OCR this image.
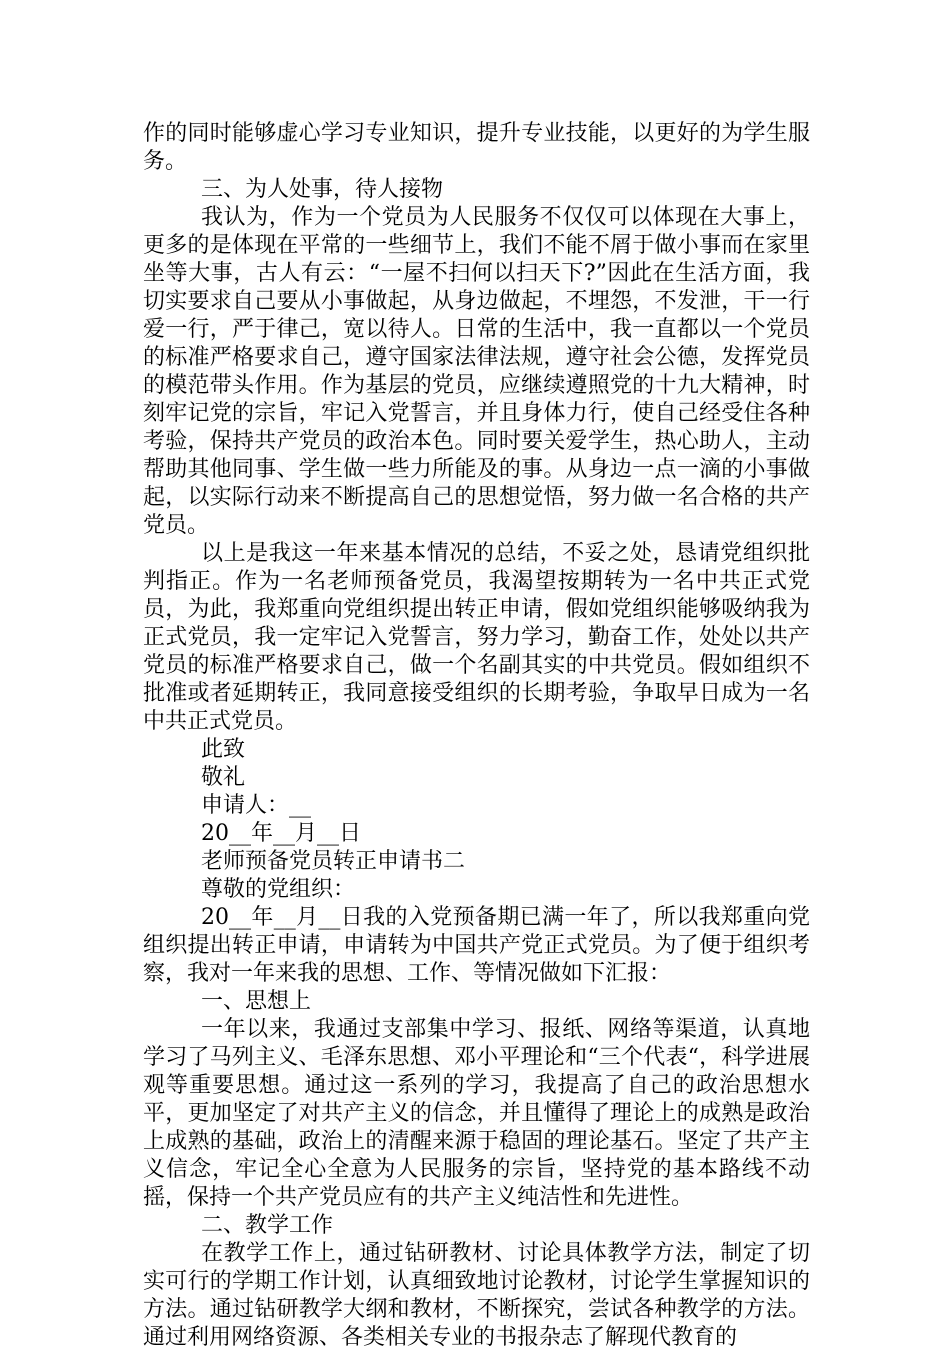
作的同时能够虚心学习专业知识，提升专业技能，以更好的为学生服务。

三、为人处事，待人接物

我认为，作为一个党员为人民服务不仅仅可以体现在大事上，更多的是体现在平常的一些细节上，我们不能不屑于做小事而在家里坐等大事，古人有云：“一屋不扫何以扫天下?”因此在生活方面，我切实要求自己要从小事做起，从身边做起，不埋怨，不发泄，干一行爱一行，严于律己，宽以待人。日常的生活中，我一直都以一个党员的标准严格要求自己，遵守国家法律法规，遵守社会公德，发挥党员的模范带头作用。作为基层的党员，应继续遵照党的十九大精神，时刻牢记党的宗旨，牢记入党誓言，并且身体力行，使自己经受住各种考验，保持共产党员的政治本色。同时要关爱学生，热心助人，主动帮助其他同事、学生做一些力所能及的事。从身边一点一滴的小事做起，以实际行动来不断提高自己的思想觉悟，努力做一名合格的共产党员。

以上是我这一年来基本情况的总结，不妥之处，恳请党组织批判指正。作为一名老师预备党员，我渴望按期转为一名中共正式党员，为此，我郑重向党组织提出转正申请，假如党组织能够吸纳我为正式党员，我一定牢记入党誓言，努力学习，勤奋工作，处处以共产党员的标准严格要求自己，做一个名副其实的中共党员。假如组织不批准或者延期转正，我同意接受组织的长期考验，争取早日成为一名中共正式党员。

此致

敬礼

申请人：__

20__年__月__日

老师预备党员转正申请书二

尊敬的党组织：

20__年__月__日我的入党预备期已满一年了，所以我郑重向党组织提出转正申请，申请转为中国共产党正式党员。为了便于组织考察，我对一年来我的思想、工作、等情况做如下汇报：

一、思想上

一年以来，我通过支部集中学习、报纸、网络等渠道，认真地学习了马列主义、毛泽东思想、邓小平理论和“三个代表“，科学进展观等重要思想。通过这一系列的学习，我提高了自己的政治思想水平，更加坚定了对共产主义的信念，并且懂得了理论上的成熟是政治上成熟的基础，政治上的清醒来源于稳固的理论基石。坚定了共产主义信念，牢记全心全意为人民服务的宗旨，坚持党的基本路线不动摇，保持一个共产党员应有的共产主义纯洁性和先进性。

二、教学工作

在教学工作上，通过钻研教材、讨论具体教学方法，制定了切实可行的学期工作计划，认真细致地讨论教材，讨论学生掌握知识的方法。通过钻研教学大纲和教材，不断探究，尝试各种教学的方法。通过利用网络资源、各类相关专业的书报杂志了解现代教育的
